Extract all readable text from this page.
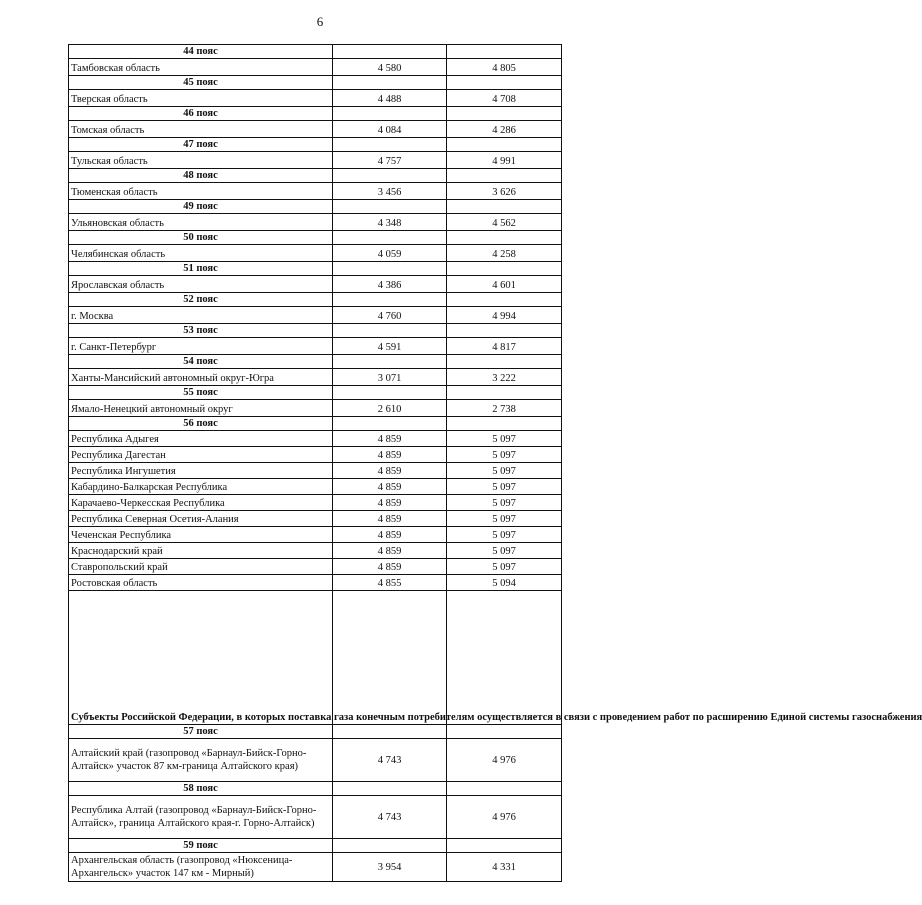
6
44 пояс		
Тамбовская область	4 580	4 805
45 пояс		
Тверская область	4 488	4 708
46 пояс		
Томская область	4 084	4 286
47 пояс		
Тульская область	4 757	4 991
48 пояс		
Тюменская область	3 456	3 626
49 пояс		
Ульяновская область	4 348	4 562
50 пояс		
Челябинская область	4 059	4 258
51 пояс		
Ярославская область	4 386	4 601
52 пояс		
г. Москва	4 760	4 994
53 пояс		
г. Санкт-Петербург	4 591	4 817
54 пояс		
Ханты-Мансийский автономный округ-Югра	3 071	3 222
55 пояс		
Ямало-Ненецкий автономный округ	2 610	2 738
56 пояс		
Республика Адыгея	4 859	5 097
Республика Дагестан	4 859	5 097
Республика Ингушетия	4 859	5 097
Кабардино-Балкарская Республика	4 859	5 097
Карачаево-Черкесская Республика	4 859	5 097
Республика Северная Осетия-Алания	4 859	5 097
Чеченская Республика	4 859	5 097
Краснодарский край	4 859	5 097
Ставропольский край	4 859	5 097
Ростовская область	4 855	5 094
Субъекты Российской Федерации, в которых поставка газа конечным потребителям осуществляется в связи с проведением работ по расширению Единой системы газоснабжения		
57 пояс		
Алтайский край (газопровод «Барнаул-Бийск-Горно-Алтайск» участок 87 км-граница Алтайского края)	4 743	4 976
58 пояс		
Республика Алтай (газопровод «Барнаул-Бийск-Горно-Алтайск», граница Алтайского края-г. Горно-Алтайск)	4 743	4 976
59 пояс		
Архангельская область (газопровод «Нюксеница-Архангельск» участок 147 км - Мирный)	3 954	4 331
